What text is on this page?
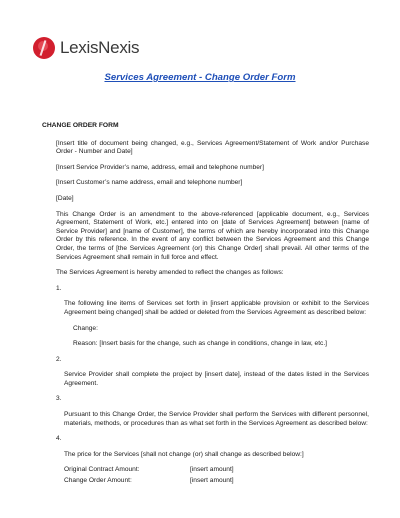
LexisNexis
Services Agreement - Change Order Form
CHANGE ORDER FORM
[Insert title of document being changed, e.g., Services Agreement/Statement of Work and/or Purchase Order - Number and Date]
[Insert Service Provider’s name, address, email and telephone number]
[Insert Customer’s name address, email and telephone number]
[Date]
This Change Order is an amendment to the above-referenced [applicable document, e.g., Services Agreement, Statement of Work, etc.] entered into on [date of Services Agreement] between [name of Service Provider] and [name of Customer], the terms of which are hereby incorporated into this Change Order by this reference. In the event of any conflict between the Services Agreement and this Change Order, the terms of [the Services Agreement (or) this Change Order] shall prevail. All other terms of the Services Agreement shall remain in full force and effect.
The Services Agreement is hereby amended to reflect the changes as follows:
1.
The following line items of Services set forth in [insert applicable provision or exhibit to the Services Agreement being changed] shall be added or deleted from the Services Agreement as described below:
Change:
Reason: [Insert basis for the change, such as change in conditions, change in law, etc.]
2.
Service Provider shall complete the project by [insert date], instead of the dates listed in the Services Agreement.
3.
Pursuant to this Change Order, the Service Provider shall perform the Services with different personnel, materials, methods, or procedures than as what set forth in the Services Agreement as described below:
4.
The price for the Services [shall not change (or) shall change as described below:]
Original Contract Amount:	[insert amount]
Change Order Amount:	[insert amount]
